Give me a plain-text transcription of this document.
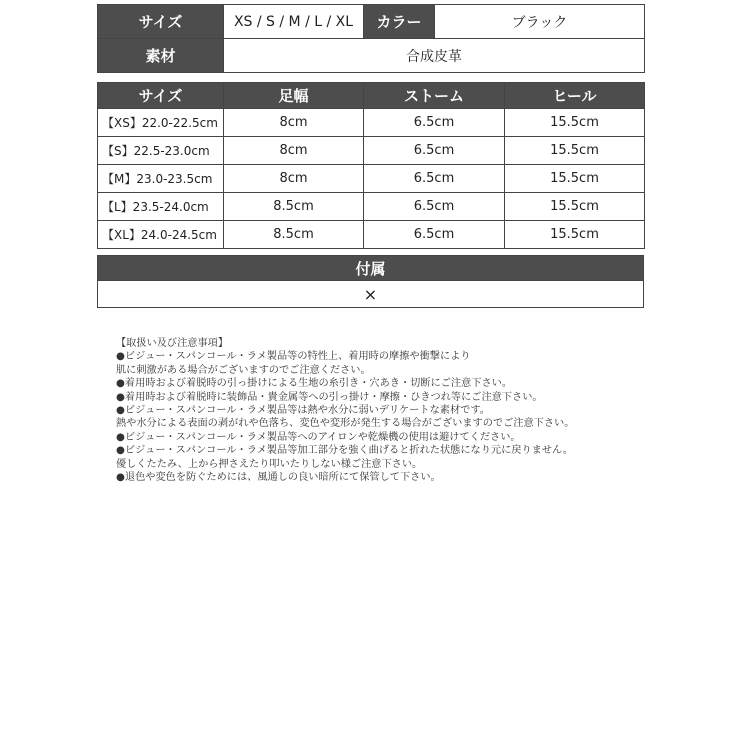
サイズ	XS / S / M / L / XL	カラー	ブラック
素材	合成皮革		
サイズ	足幅	ストーム	ヒール
【XS】22.0-22.5cm	8cm	6.5cm	15.5cm
【S】22.5-23.0cm	8cm	6.5cm	15.5cm
【M】23.0-23.5cm	8cm	6.5cm	15.5cm
【L】23.5-24.0cm	8.5cm	6.5cm	15.5cm
【XL】24.0-24.5cm	8.5cm	6.5cm	15.5cm
付属
×
【取扱い及び注意事項】
●ビジュー・スパンコール・ラメ製品等の特性上、着用時の摩擦や衝撃により
肌に刺激がある場合がございますのでご注意ください。
●着用時および着脱時の引っ掛けによる生地の糸引き・穴あき・切断にご注意下さい。
●着用時および着脱時に装飾品・貴金属等への引っ掛け・摩擦・ひきつれ等にご注意下さい。
●ビジュー・スパンコール・ラメ製品等は熱や水分に弱いデリケートな素材です。
熱や水分による表面の剥がれや色落ち、変色や変形が発生する場合がございますのでご注意下さい。
●ビジュー・スパンコール・ラメ製品等へのアイロンや乾燥機の使用は避けてください。
●ビジュー・スパンコール・ラメ製品等加工部分を強く曲げると折れた状態になり元に戻りません。
優しくたたみ、上から押さえたり叩いたりしない様ご注意下さい。
●退色や変色を防ぐためには、風通しの良い暗所にて保管して下さい。
